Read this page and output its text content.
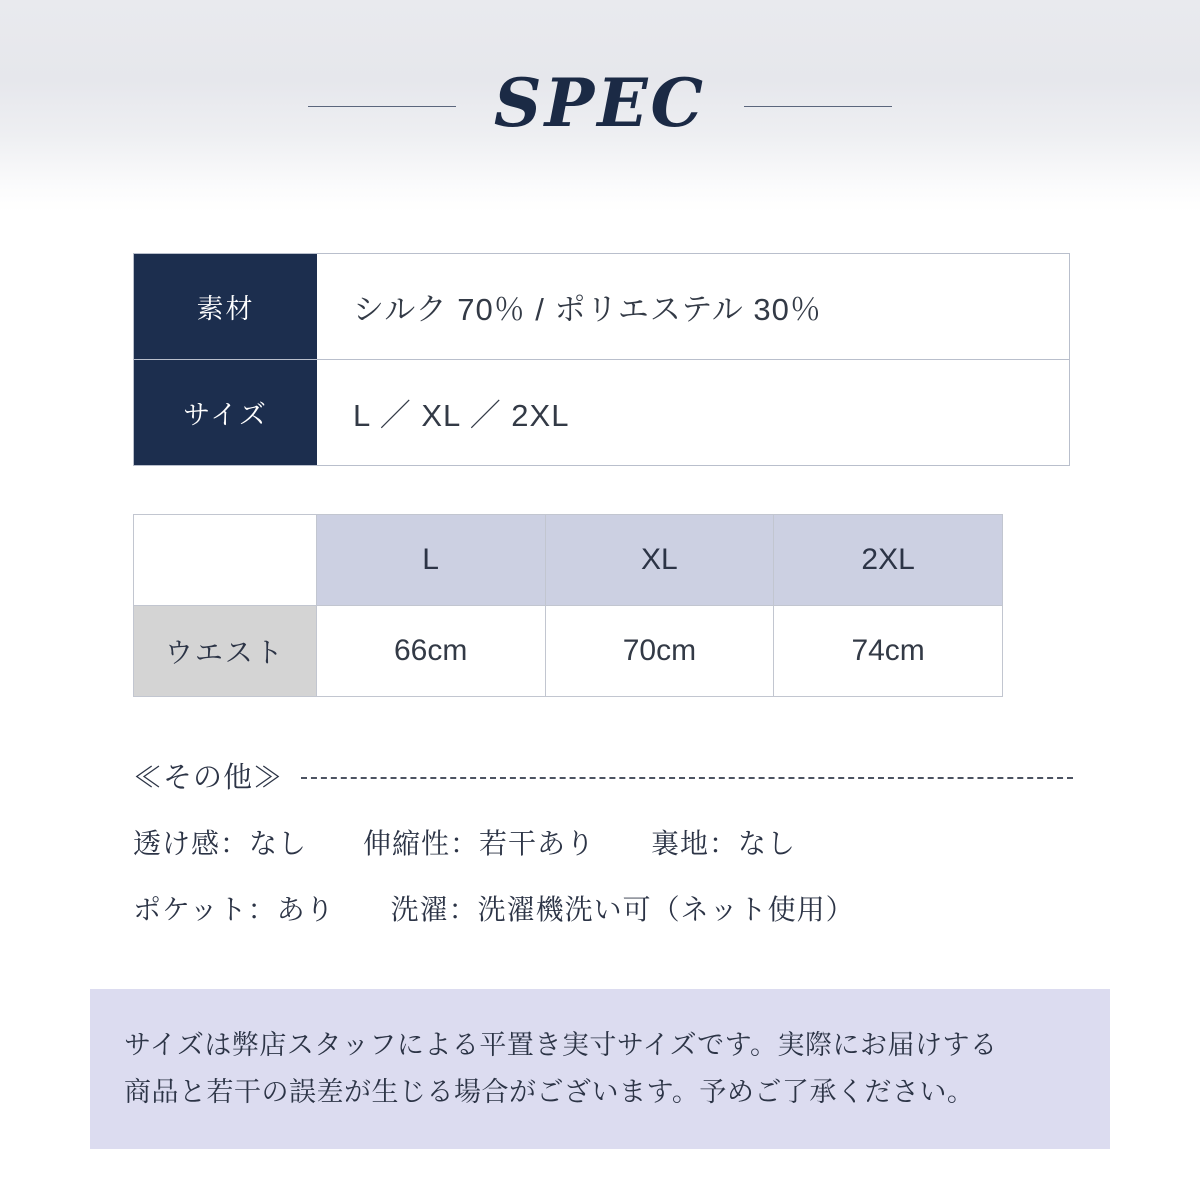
SPEC
素材	シルク 70％ / ポリエステル 30％
サイズ	L ／ XL ／ 2XL
	L	XL	2XL
ウエスト	66cm	70cm	74cm
≪その他≫
透け感：なし 伸縮性：若干あり 裏地：なし
ポケット：あり 洗濯：洗濯機洗い可（ネット使用）

サイズは弊店スタッフによる平置き実寸サイズです。実際にお届けする

商品と若干の誤差が生じる場合がございます。予めご了承ください。
